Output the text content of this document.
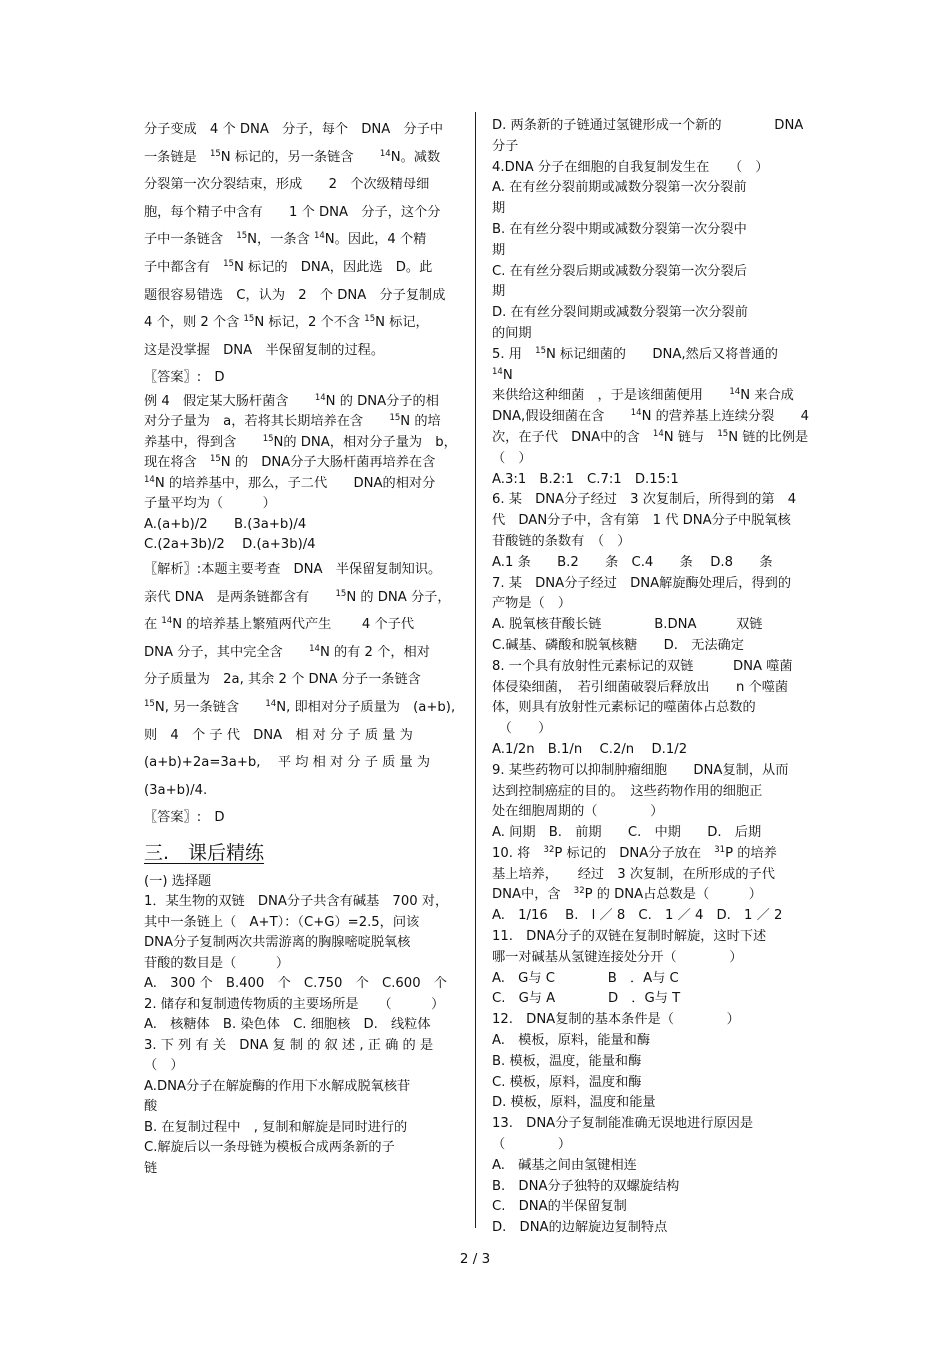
分子变成　4 个 DNA　分子，每个　DNA　分子中

一条链是　$^{15}$N 标记的，另一条链含　　$^{14}$N。减数

分裂第一次分裂结束，形成　　2　个次级精母细

胞，每个精子中含有　　1 个 DNA　分子，这个分

子中一条链含　$^{15}$N，一条含 $^{14}$N。因此，4 个精

子中都含有　$^{15}$N 标记的　DNA，因此选　D。此

题很容易错选　C，认为　2　个 DNA　分子复制成

4 个，则 2 个含 $^{15}$N 标记，2 个不含 $^{15}$N 标记，

这是没掌握　DNA　半保留复制的过程。

〖答案〗:　D

例 4　假定某大肠杆菌含　　$^{14}$N 的 DNA分子的相

对分子量为　a，若将其长期培养在含　　$^{15}$N 的培

养基中，得到含　　$^{15}$N的 DNA，相对分子量为　b，

现在将含　$^{15}$N 的　DNA分子大肠杆菌再培养在含

$^{14}$N 的培养基中，那么，子二代　　DNA的相对分

子量平均为（　　　）

A.(a+b)/2　　B.(3a+b)/4

C.(2a+3b)/2　 D.(a+3b)/4

〖解析〗:本题主要考查　DNA　半保留复制知识。

亲代 DNA　是两条链都含有　　$^{15}$N 的 DNA 分子，

在 $^{14}$N 的培养基上繁殖两代产生　　 4 个子代

DNA 分子，其中完全含　　$^{14}$N 的有 2 个，相对

分子质量为　2a, 其余 2 个 DNA 分子一条链含

$^{15}$N, 另一条链含　　$^{14}$N, 即相对分子质量为　(a+b),

则　4　个 子 代　DNA　相 对 分 子 质 量 为

(a+b)+2a=3a+b,　 平 均 相 对 分 子 质 量 为

(3a+b)/4.

〖答案〗:　D

三.　课后精练

(一) 选择题

1．某生物的双链　DNA分子共含有碱基　700 对，

其中一条链上（　A+T）：（C+G）=2.5，问该

DNA分子复制两次共需游离的胸腺嘧啶脱氧核

苷酸的数目是（　　　）

A.　300 个　B.400　个　C.750　个　C.600　个

2. 储存和复制遗传物质的主要场所是　　（　　　）

A.　核糖体　B. 染色体　C. 细胞核　D.　线粒体

3. 下 列 有 关　DNA 复 制 的 叙 述 , 正 确 的 是

（　）

A.DNA分子在解旋酶的作用下水解成脱氧核苷

酸

B. 在复制过程中　, 复制和解旋是同时进行的

C.解旋后以一条母链为模板合成两条新的子

链

D. 两条新的子链通过氢键形成一个新的　　　　DNA

分子

4.DNA 分子在细胞的自我复制发生在　　（　）

A. 在有丝分裂前期或减数分裂第一次分裂前

期

B. 在有丝分裂中期或减数分裂第一次分裂中

期

C. 在有丝分裂后期或减数分裂第一次分裂后

期

D. 在有丝分裂间期或减数分裂第一次分裂前

的间期

5. 用　$^{15}$N 标记细菌的　　DNA,然后又将普通的　　$^{14}$N

来供给这种细菌　，于是该细菌便用　　$^{14}$N 来合成

DNA,假设细菌在含　　$^{14}$N 的营养基上连续分裂　　4

次，在子代　DNA中的含　$^{14}$N 链与　$^{15}$N 链的比例是

（　）

A.3:1　B.2:1　C.7:1　D.15:1

6. 某　DNA分子经过　3 次复制后，所得到的第　4

代　DAN分子中，含有第　1 代 DNA分子中脱氧核

苷酸链的条数有　（　）

A.1 条　　B.2　　条　C.4　　条　 D.8　　条

7. 某　DNA分子经过　DNA解旋酶处理后，得到的

产物是（　）

A. 脱氧核苷酸长链　　　　B.DNA　　　双链

C.碱基、磷酸和脱氧核糖　　D.　无法确定

8. 一个具有放射性元素标记的双链　　　DNA 噬菌

体侵染细菌，　若引细菌破裂后释放出　　n 个噬菌

体，则具有放射性元素标记的噬菌体占总数的

　（　　）

A.1/2n　B.1/n　 C.2/n　 D.1/2

9. 某些药物可以抑制肿瘤细胞　　DNA复制，从而

达到控制癌症的目的。　这些药物作用的细胞正

处在细胞周期的（　　　　）

A. 间期　B.　前期　　C.　中期　　D.　后期

10. 将　$^{32}$P 标记的　DNA分子放在　$^{31}$P 的培养

基上培养，　　经过　3 次复制，在所形成的子代

DNA中，含　$^{32}$P 的 DNA占总数是（　　　）

A.　1/16　 B.　l ／ 8　C.　1 ／ 4　D.　1 ／ 2

11.　DNA分子的双链在复制时解旋，这时下述

哪一对碱基从氢键连接处分开（　　　　）

A.　G与 C　　　　B　．A与 C

C.　G与 A　　　　D　．G与 T

12.　DNA复制的基本条件是（　　　　）

A.　模板，原料，能量和酶

B. 模板，温度，能量和酶

C. 模板，原料，温度和酶

D. 模板，原料，温度和能量

13.　DNA分子复制能准确无误地进行原因是

（　　　　）

A.　碱基之间由氢键相连

B.　DNA分子独特的双螺旋结构

C.　DNA的半保留复制

D.　DNA的边解旋边复制特点

2 / 3
